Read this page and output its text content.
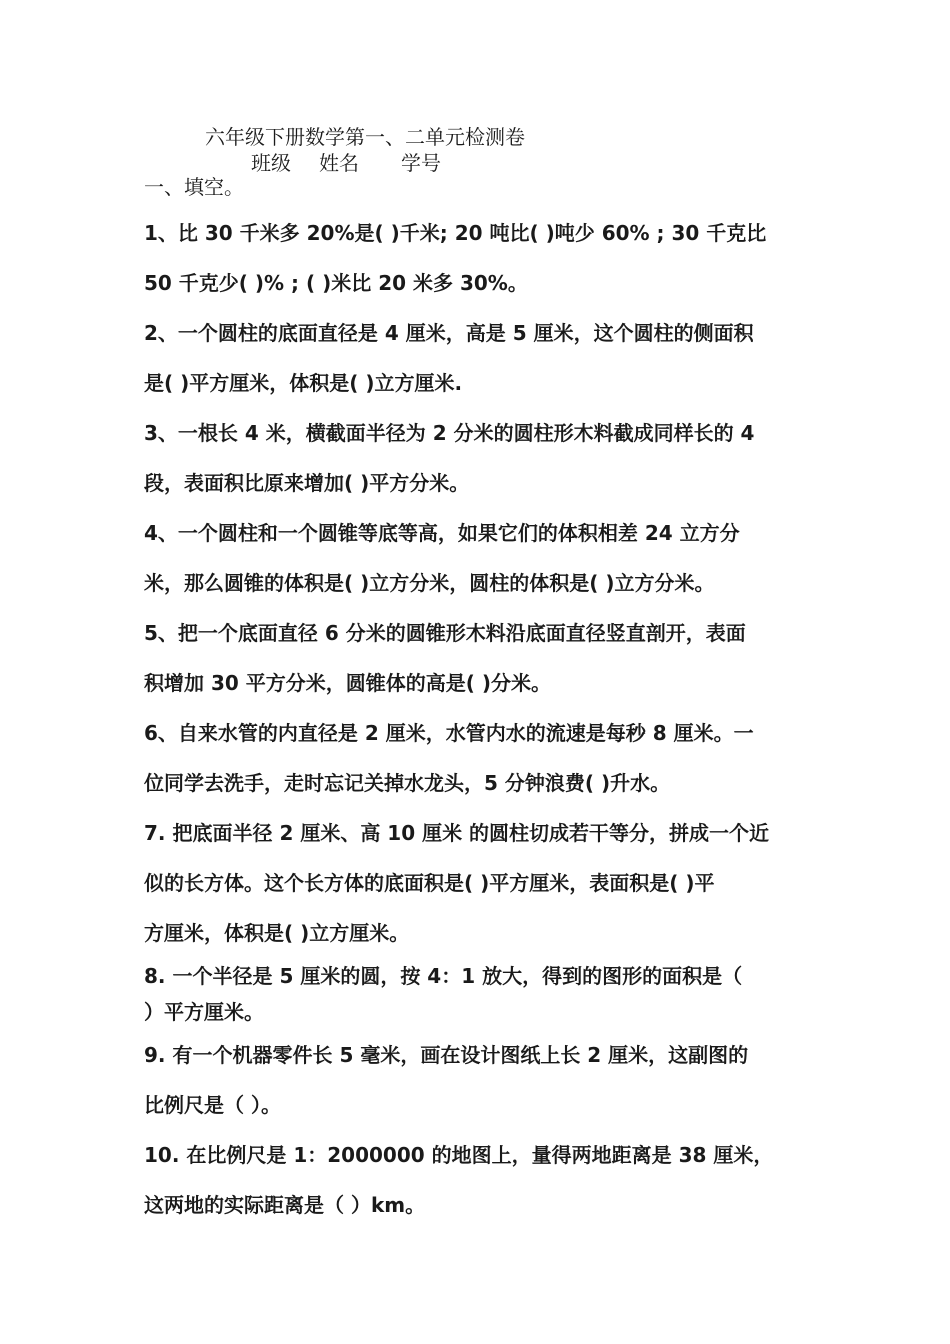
六年级下册数学第一、二单元检测卷
班级 姓名 学号
一、填空。
1、比 30 千米多 20%是( )千米; 20 吨比( )吨少 60% ; 30 千克比
50 千克少( )% ; ( )米比 20 米多 30%。
2、一个圆柱的底面直径是 4 厘米，高是 5 厘米，这个圆柱的侧面积
是( )平方厘米，体积是( )立方厘米.
3、一根长 4 米，横截面半径为 2 分米的圆柱形木料截成同样长的 4
段，表面积比原来增加( )平方分米。
4、一个圆柱和一个圆锥等底等高，如果它们的体积相差 24 立方分
米，那么圆锥的体积是( )立方分米，圆柱的体积是( )立方分米。
5、把一个底面直径 6 分米的圆锥形木料沿底面直径竖直剖开，表面
积增加 30 平方分米，圆锥体的高是( )分米。
6、自来水管的内直径是 2 厘米，水管内水的流速是每秒 8 厘米。一
位同学去洗手，走时忘记关掉水龙头，5 分钟浪费( )升水。
7. 把底面半径 2 厘米、高 10 厘米 的圆柱切成若干等分，拼成一个近
似的长方体。这个长方体的底面积是( )平方厘米，表面积是( )平
方厘米，体积是( )立方厘米。
8. 一个半径是 5 厘米的圆，按 4：1 放大，得到的图形的面积是（
）平方厘米。
9. 有一个机器零件长 5 毫米，画在设计图纸上长 2 厘米，这副图的
比例尺是（ ）。
10. 在比例尺是 1：2000000 的地图上，量得两地距离是 38 厘米，
这两地的实际距离是（ ）km。
